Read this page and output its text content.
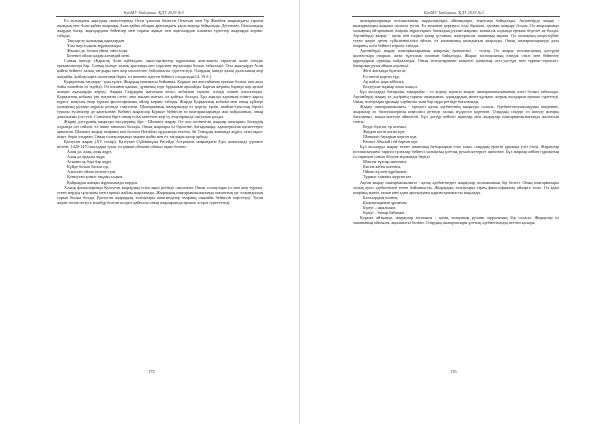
ҚазМУ Хабаршы. ҚДТ 2019 №3

Ел аузындағы аңыздың сюжеттерінде Оғыз ұлысын билеген Оғызхан мен Ор Жанібек жырындағы тарихи шындық пен Асан қайғы жырлары Асан қайғы ойлары арасындағы ұқсастықтар байқалады. Дегенмен, Оғызхандық жырдан басқа, аңыздардағы бейнелер мен тарихи ақиқат пен оқиғалардан алынған суреттер жырларда көрініс табады.

Тақсыр-ау қалмадық қаралардан

Ұлы жер алдына жұртымызды

Жылап да, болып ойып, енін алды

Бөтенін ойлап қадам алғандай мені.

Соның ішінде «Қарасақ Асан қайғыдан» аңыз-әңгімелер құрылымы жан-жақты таралған және өзіндік ерекшеліктері бар. Соның ішінде халық арасында көп таралған нұсқалары болып табылады. Осы аңыздарда Асан қайғы бейнесі халық тағдыры мен жер мәселесіне байланысты суреттеледі. Олардың ішінде қазақ даласының жер жағдайы, жайлауларға сипаттама беріп, ел мекенін іздеген бейнесі сомдалады [4, 19 б.].

Қорқыттың тағдыры - ұлы тұлға. Жырдың мағынасы бойынша, Қорқыт ата жастайынан ерекше болып, көп жыл бойы өлмейтін ел іздейді. Ол өлімнен қашып, дүниенің төрт бұрышын аралайды. Барған жерінің бәрінде көр қазып жатқан адамдарды көреді. Ақыры Сырдария жағасына келіп, кобызын тартып, өлімді өзінен алыстатады. Қорқыттың кобызы үні тоқтаған сәтте, оны жылан шағып, ол қайтыс болады. Бұл аңызда адамның өлімге қарсы күресі, мәңгілік өмір туралы философиялық ойлар көрініс табады. Жырда Қорқыттың кобызы мен оның күйлері халықтың рухани мұрасы ретінде сақталған. Шығарманың мазмұнында ел қорғау, ерлік, ағайын-туыстың бірлігі туралы түсініктер де қамтылған. Кейінгі жыраулар Қорқыт бейнесін өз шығармаларында жиі пайдаланып, оның даналығын үлгі етті. Сонымен бірге оның есімі көптеген жер-су атауларында сақталып қалды.

Жырау дәстүрінің маңызды өкілдерінің бірі - Шалкиіз жырау. Ол жас кезінен-ақ жырлар шығарып, билердің алдында сөз сөйлеп, ел ішіне танымал болады. Оның жырлары ел бірлігіне, батырлыққа, адамгершілік қасиеттерге арналған. Шалкиіз жырау өмірінің көп бөлігін Ноғайлы ордасында өткізіп, би Темірдің жанында жүріп, оған ақыл-кеңес беріп отырған. Оның толғауларында замана жайы мен ел тағдыры қатар өрбиді.

Қазтуған жырау (XV ғасыр). Қазтуған Сүйінішұлы Ресейде Астрахань маңындағы Еділ жағасында дүниеге келген. 1420-1470 жылдары туып, ел қамын ойлаған ойшыл ақын болған.

Алаң да, алаң, алаң жұрт,

Алаң да ордалы жұрт,

Агынан ақ бөрі бар жұрт,

Күйде болып басып еді,

Алыстан ойлап келген едім,

Қоныстан қоныс таңдап алдым,

Қайраңдап жатқан жұртымызды көрдім.

Халық фольклорында Қазтуған жыраудың есімі аңыз ретінде сақталған. Оның толғаулары ел мен жер туралы, туған жердің сұлулығы мен тарихы жайлы жырланады. Жыраудың шығармашылығында азаматтық үн, елжандылық сарын басым болды. Қазтуған жыраудың толғаулары көшпенділер өмірінің шынайы бейнесін көрсетеді. Туған жерін тастап кетуге мәжбүр болған кездегі қайғысы оның жырларында ерекше әсерлі суреттеледі.

175
ҚазМУ Хабаршы. ҚДТ 2019 №3

шығармаларында поэзиясының заңдылықтары, айшықтары, теңеулері байқалады. Ақтамберді жырау - шығармалары жаңаша сипатта туған. Ел аумағын қорғауға, елді бірлікке, ерлікке шақыру болды. Ол жырларында халықтың ой-арманын, өмірлік мұраттарын, батылдық рухын жырлап, көпшілік алдында ерекше беделге ие болды. Ақтамберді жырау - ерлік пен елдікті қатар ұстанып, жаугершілік заманның ақыны. Ол халықтың көңіл-күйін, туған жерге деген сүйіспеншілігін айтып, өз заманының шындығын жырлады. Оның шығармаларында дала өмірінің әсем бейнесі көрініс табады.

Ақтамберді жырау шығармаларының жанрлық ерекшелігі - толғау. Ол жырау поэзиясының дәстүрін жалғастыра отырып, жеке тұлғалық сипатын байқатады. Жырау поэзиясының өзіндік стилі мен бейнелеу құралдарын орынды пайдаланды. Оның толғауларынан көшпелі қазақтың салт-дәстүрі мен тұрмыс-тіршілігі, батырлық рухы айқын көрінеді:

Жеті жасында бұлғап ат,

Ел шетін қорғап тұр,

Ақ найза, қара айбалта,

Белдеуіме жұмыр алып шықса.

Бұл жолдарда батырлық тақырыбы - ел қорғау идеясы жырау шығармашылығының өзегі болып табылады. Ақтамберді жырау өз дәуірінің тарихи шындығын, адамдардың мінез-құлқын, жорық жолдарын ерекше суреттеді. Оның толғаулары ұрпаққа тәрбиелік мәні бар мұра ретінде бағаланады.

Жырау шығармашылығы - ертедегі қазақ әдебиетінің маңызды саласы. Әдебиеттанушылардың пікірінше, жыраулар ел билеушілерінің кеңесшісі ретінде халық мүддесін қорғаған. Олардың сөздері ел ішінде жоғары бағаланып, мақал-мәтелге айналған. Бұл дәстүр кейінгі ақындар мен жыраулар шығармашылығында жалғасын тапты.

Кеуде бұлғап, ер атанып,

Жаудан кегін алған күн,

Шаншып бауырын көрген күн,

Кешегі Абылай ғой барған күн.

Бұл жолдарда жырау өткен заманның батырларын еске алып, олардың ерлігін ұрпаққа үлгі етеді. Жыраулар поэзиясындағы тарихи тұлғалар бейнесі халықтың ұлттық рухын көтеруге арналған. Бұл жырлар кейінгі ұрпақтың ел тарихын танып білуіне мүмкіндік береді.

Мінсем тұлпар мінгенім,

Кисем жібек кигенім,

Ойнап күлген құрбымен,

Тұрмыс тамаша жүрген кез.

Ақтан жырау шығармашылығы - қазақ әдебиетіндегі жыраулар поэзиясының бір белесі. Оның шығармалары халық ауыз әдебиетімен етене байланысты. Жыраудың толғаулары терең философиялық ойларға толы. Ол адам өмірінің мәнін, заман мен адам арасындағы қарым-қатынасты жырлады.

Балалардың ішінен,

Қызықтыратын ұрпағым,

Біреуі – ақылшым,

Біреуі – батыр бабамыз.

Қорыта айтқанда, жыраулар поэзиясы - қазақ халқының рухани мұрасының бір саласы. Жыраулар өз заманының ойшылы, ақылшысы болған. Олардың шығармалары ұлттық әдебиетіміздің негізін қалады.

176
